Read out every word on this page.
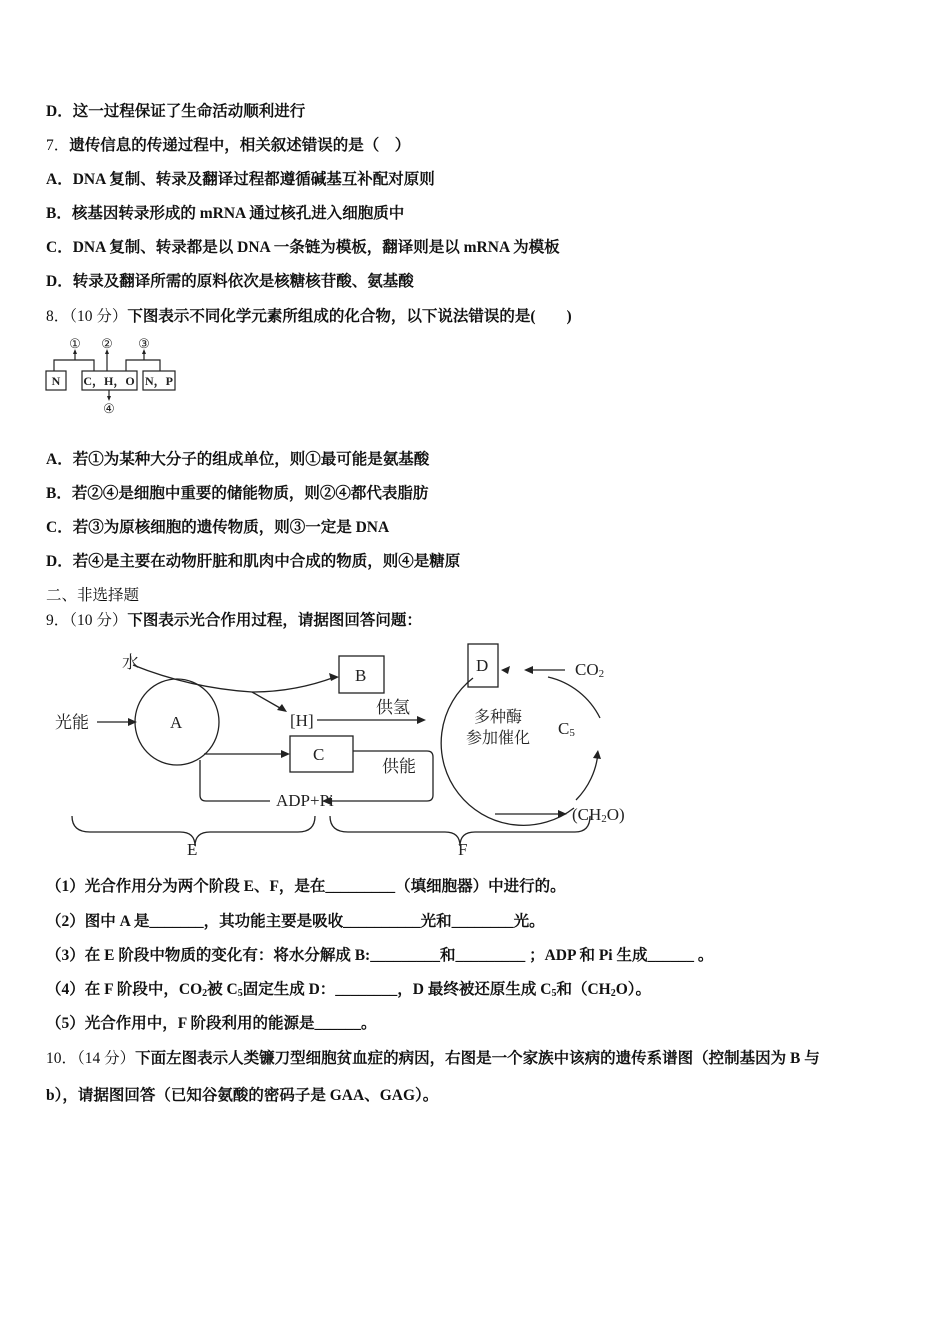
D．这一过程保证了生命活动顺利进行
7．遗传信息的传递过程中，相关叙述错误的是（　）
A．DNA 复制、转录及翻译过程都遵循碱基互补配对原则
B．核基因转录形成的 mRNA 通过核孔进入细胞质中
C．DNA 复制、转录都是以 DNA 一条链为模板，翻译则是以 mRNA 为模板
D．转录及翻译所需的原料依次是核糖核苷酸、氨基酸
8．（10 分）下图表示不同化学元素所组成的化合物，以下说法错误的是(　　)
N C，H，O N，P
① ② ③
④
A．若①为某种大分子的组成单位，则①最可能是氨基酸
B．若②④是细胞中重要的储能物质，则②④都代表脂肪
C．若③为原核细胞的遗传物质，则③一定是 DNA
D．若④是主要在动物肝脏和肌肉中合成的物质，则④是糖原
二、非选择题
9．（10 分）下图表示光合作用过程，请据图回答问题：
水
光能	A
B
C
D
[H]
供氢
供能
ADP+Pi
CO2
C5
(CH2O)
多种酶
参加催化
E	F
（1）光合作用分为两个阶段 E、F，是在_________（填细胞器）中进行的。
（2）图中 A 是_______，其功能主要是吸收__________光和________光。
（3）在 E 阶段中物质的变化有：将水分解成 B:_________和_________ ；ADP 和 Pi 生成______ 。
（4）在 F 阶段中，$CO_2$被 $C_5$固定生成 D：________，D 最终被还原生成 $C_5$和$(CH_2O)$。
（5）光合作用中，F 阶段利用的能源是______。
10．（14 分）下面左图表示人类镰刀型细胞贫血症的病因，右图是一个家族中该病的遗传系谱图（控制基因为 B 与
b），请据图回答（已知谷氨酸的密码子是 GAA、GAG）。
